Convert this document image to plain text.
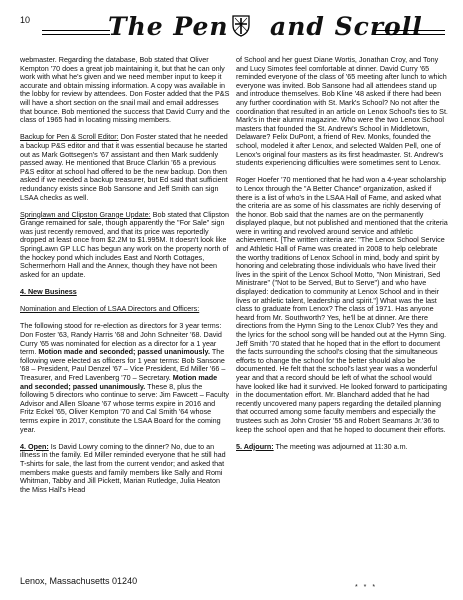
10	The Pen and Scroll

webmaster. Regarding the database, Bob stated that Oliver Kempton '70 does a great job maintaining it, but that he can only work with what he's given and we need member input to keep it accurate and obtain missing information. A copy was available in the lobby for review by attendees. Don Foster added that the P&S will have a short section on the snail mail and email addresses that bounce. Bob mentioned the success that David Curry and the class of 1965 had in locating missing members.

Backup for Pen & Scroll Editor: Don Foster stated that he needed a backup P&S editor and that it was essential because he started out as Mark Gottsegen's '67 assistant and then Mark suddenly passed away. He mentioned that Bruce Clarkin '65 a previous P&S editor at school had offered to be the new backup. Don then asked if we needed a backup treasurer, but Ed said that sufficient redundancy exists since Bob Sansone and Jeff Smith can sign LSAA checks as well.

Springlawn and Clipston Grange Update: Bob stated that Clipston Grange remained for sale, though apparently the "For Sale" sign was just recently removed, and that its price was reportedly dropped at least once from $2.2M to $1.995M. It doesn't look like SpringLawn GP LLC has begun any work on the property north of the hockey pond which includes East and North Cottages, Schermerhorn Hall and the Annex, though they have not been asked for an update.

4. New Business

Nomination and Election of LSAA Directors and Officers:

The following stood for re-election as directors for 3 year terms: Don Foster '63, Randy Harris '68 and John Schneiter '68. David Curry '65 was nominated for election as a director for a 1 year term. Motion made and seconded; passed unanimously. The following were elected as officers for 1 year terms: Bob Sansone '68 – President, Paul Denzel '67 – Vice President, Ed Miller '66 – Treasurer, and Fred Lavenberg '70 – Secretary. Motion made and seconded; passed unanimously. These 8, plus the following 5 directors who continue to serve: Jim Fawcett – Faculty Advisor and Allen Sloane '67 whose terms expire in 2016 and Fritz Eckel '65, Oliver Kempton '70 and Cal Smith '64 whose terms expire in 2017, constitute the LSAA Board for the coming year.

4. Open: Is David Lowry coming to the dinner? No, due to an illness in the family. Ed Miller reminded everyone that he still had T-shirts for sale, the last from the current vendor; and asked that members make guests and family members like Sally and Romi Whitman, Tabby and Jill Pickett, Marian Rutledge, Julia Heaton the Miss Hall's Head

of School and her guest Diane Wortis, Jonathan Croy, and Tony and Lucy Simotes feel comfortable at dinner. David Curry '65 reminded everyone of the class of '65 meeting after lunch to which everyone was invited. Bob Sansone had all attendees stand up and introduce themselves. Bob Kline '48 asked if there had been any further coordination with St. Mark's School? No not after the coordination that resulted in an article on Lenox School's ties to St. Mark's in their alumni magazine. Who were the two Lenox School masters that founded the St. Andrew's School in Middletown, Delaware? Felix DuPont, a friend of Rev. Monks, founded the school, modeled it after Lenox, and selected Walden Pell, one of Lenox's original four masters as its first headmaster. St. Andrew's students experiencing difficulties were sometimes sent to Lenox.

Roger Hoefer '70 mentioned that he had won a 4-year scholarship to Lenox through the "A Better Chance" organization, asked if there is a list of who's in the LSAA Hall of Fame, and asked what the criteria are as some of his classmates are richly deserving of the honor. Bob said that the names are on the permanently displayed plaque, but not published and mentioned that the criteria were in writing and revolved around service and athletic achievement. [The written criteria are: "The Lenox School Service and Athletic Hall of Fame was created in 2008 to help celebrate the worthy traditions of Lenox School in mind, body and spirit by honoring and celebrating those individuals who have lived their lives in the spirit of the Lenox School Motto, "Non Ministrari, Sed Ministrare" ("Not to be Served, But to Serve") and who have displayed: dedication to community at Lenox School and in their lives or athletic talent, leadership and spirit."] What was the last class to graduate from Lenox? The class of 1971. Has anyone heard from Mr. Southworth? Yes, he'll be at dinner. Are there directions from the Hymn Sing to the Lenox Club? Yes they and the lyrics for the school song will be handed out at the Hymn Sing. Jeff Smith '70 stated that he hoped that in the effort to document the facts surrounding the school's closing that the simultaneous efforts to change the school for the better should also be documented. He felt that the school's last year was a wonderful year and that a record should be left of what the school would have looked like had it survived. He looked forward to participating in the documentation effort. Mr. Blanchard added that he had recently uncovered many papers regarding the detailed planning that occurred among some faculty members and especially the trustees such as John Crosier '55 and Robert Seamans Jr.'36 to keep the school open and that he hoped to document their efforts.

5. Adjourn: The meeting was adjourned at 11:30 a.m.

Lenox, Massachusetts 01240
* * *
